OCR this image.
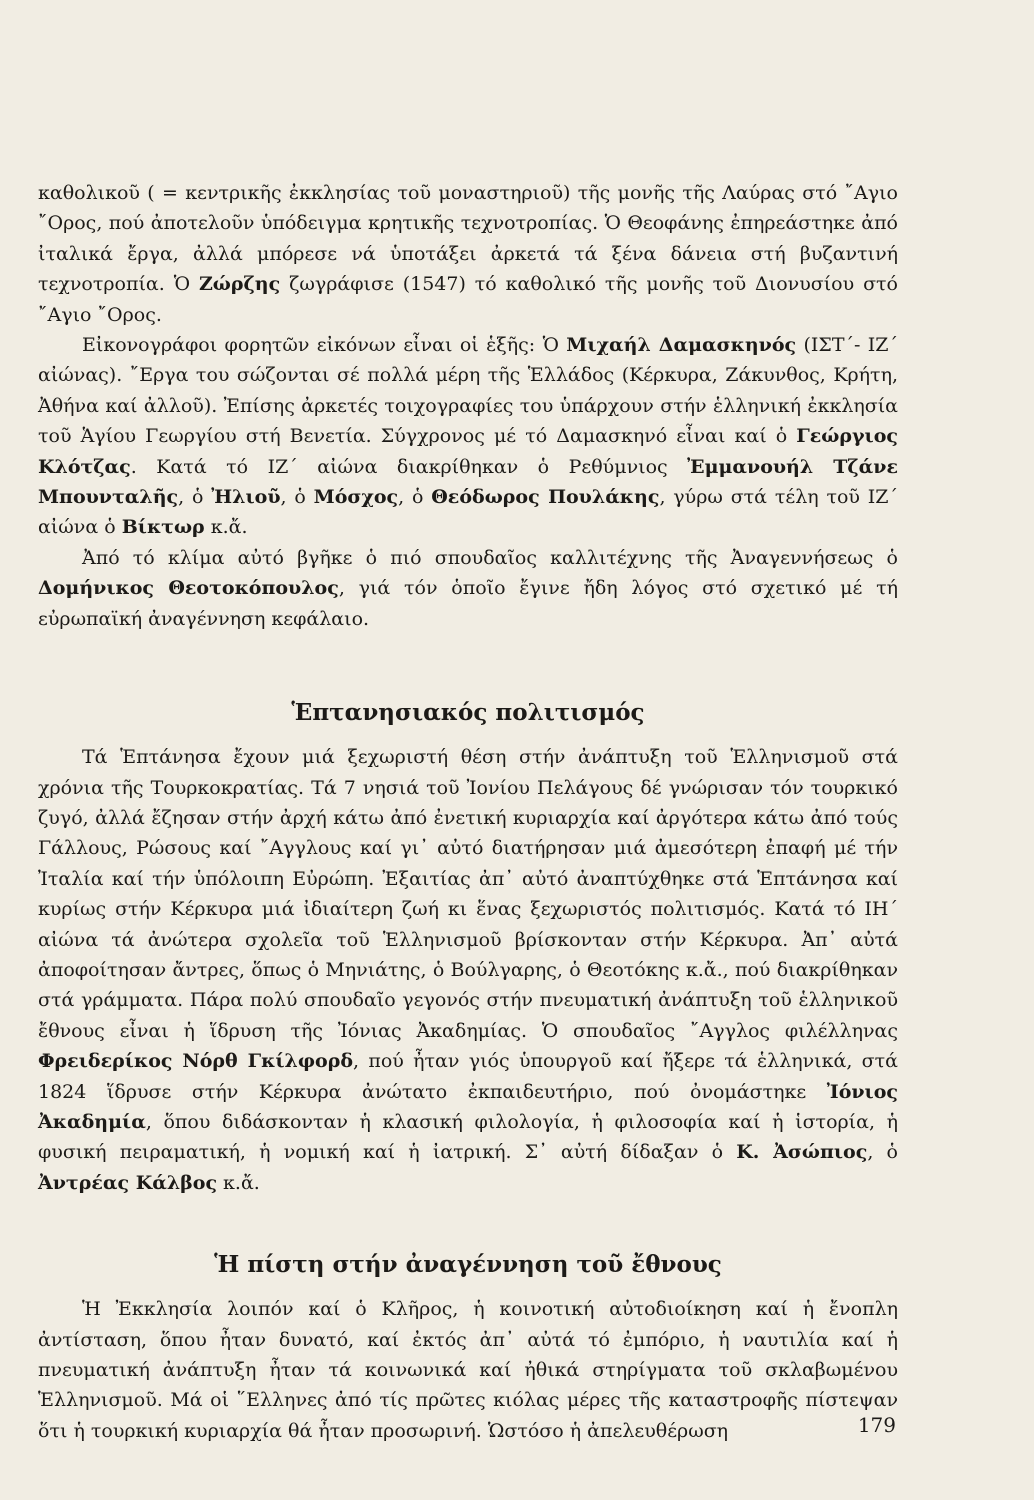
καθολικοῦ ( = κεντρικῆς ἐκκλησίας τοῦ μοναστηριοῦ) τῆς μονῆς τῆς Λαύρας στό ῎Αγιο ῎Ορος, πού ἀποτελοῦν ὑπόδειγμα κρητικῆς τεχνοτροπίας. Ὁ Θεοφάνης ἐπηρεάστηκε ἀπό ἰταλικά ἔργα, ἀλλά μπόρεσε νά ὑποτάξει ἀρκετά τά ξένα δάνεια στή βυζαντινή τεχνοτροπία. Ὁ Ζώρζης ζωγράφισε (1547) τό καθολικό τῆς μονῆς τοῦ Διονυσίου στό ῎Αγιο ῎Ορος.

Εἰκονογράφοι φορητῶν εἰκόνων εἶναι οἱ ἑξῆς: Ὁ Μιχαήλ Δαμασκηνός (ΙΣΤ΄- ΙΖ΄ αἰώνας). ῎Εργα του σώζονται σέ πολλά μέρη τῆς Ἑλλάδος (Κέρκυρα, Ζάκυνθος, Κρήτη, Ἀθήνα καί ἀλλοῦ). Ἐπίσης ἀρκετές τοιχογραφίες του ὑπάρχουν στήν ἑλληνική ἐκκλησία τοῦ Ἁγίου Γεωργίου στή Βενετία. Σύγχρονος μέ τό Δαμασκηνό εἶναι καί ὁ Γεώργιος Κλότζας. Κατά τό ΙΖ΄ αἰώνα διακρίθηκαν ὁ Ρεθύμνιος Ἐμμανουήλ Τζάνε Μπουνταλῆς, ὁ Ἠλιοῦ, ὁ Μόσχος, ὁ Θεόδωρος Πουλάκης, γύρω στά τέλη τοῦ ΙΖ΄ αἰώνα ὁ Βίκτωρ κ.ἄ.

Ἀπό τό κλίμα αὐτό βγῆκε ὁ πιό σπουδαῖος καλλιτέχνης τῆς Ἀναγεννήσεως ὁ Δομήνικος Θεοτοκόπουλος, γιά τόν ὁποῖο ἔγινε ἤδη λόγος στό σχετικό μέ τή εὐρωπαϊκή ἀναγέννηση κεφάλαιο.

Ἑπτανησιακός πολιτισμός

Τά Ἑπτάνησα ἔχουν μιά ξεχωριστή θέση στήν ἀνάπτυξη τοῦ Ἑλληνισμοῦ στά χρόνια τῆς Τουρκοκρατίας. Τά 7 νησιά τοῦ Ἰονίου Πελάγους δέ γνώρισαν τόν τουρκικό ζυγό, ἀλλά ἔζησαν στήν ἀρχή κάτω ἀπό ἐνετική κυριαρχία καί ἀργότερα κάτω ἀπό τούς Γάλλους, Ρώσους καί ῎Αγγλους καί γι᾽ αὐτό διατήρησαν μιά ἀμεσότερη ἐπαφή μέ τήν Ἰταλία καί τήν ὑπόλοιπη Εὐρώπη. Ἐξαιτίας ἀπ᾽ αὐτό ἀναπτύχθηκε στά Ἑπτάνησα καί κυρίως στήν Κέρκυρα μιά ἰδιαίτερη ζωή κι ἕνας ξεχωριστός πολιτισμός. Κατά τό ΙΗ΄ αἰώνα τά ἀνώτερα σχολεῖα τοῦ Ἑλληνισμοῦ βρίσκονταν στήν Κέρκυρα. Ἀπ᾽ αὐτά ἀποφοίτησαν ἄντρες, ὅπως ὁ Μηνιάτης, ὁ Βούλγαρης, ὁ Θεοτόκης κ.ἄ., πού διακρίθηκαν στά γράμματα. Πάρα πολύ σπουδαῖο γεγονός στήν πνευματική ἀνάπτυξη τοῦ ἑλληνικοῦ ἔθνους εἶναι ἡ ἵδρυση τῆς Ἰόνιας Ἀκαδημίας. Ὁ σπουδαῖος ῎Αγγλος φιλέλληνας Φρειδερίκος Νόρθ Γκίλφορδ, πού ἦταν γιός ὑπουργοῦ καί ἤξερε τά ἑλληνικά, στά 1824 ἵδρυσε στήν Κέρκυρα ἀνώτατο ἐκπαιδευτήριο, πού ὀνομάστηκε Ἰόνιος Ἀκαδημία, ὅπου διδάσκονταν ἡ κλασική φιλολογία, ἡ φιλοσοφία καί ἡ ἱστορία, ἡ φυσική πειραματική, ἡ νομική καί ἡ ἰατρική. Σ᾽ αὐτή δίδαξαν ὁ Κ. Ἀσώπιος, ὁ Ἀντρέας Κάλβος κ.ἄ.

Ἡ πίστη στήν ἀναγέννηση τοῦ ἔθνους

Ἡ Ἐκκλησία λοιπόν καί ὁ Κλῆρος, ἡ κοινοτική αὐτοδιοίκηση καί ἡ ἔνοπλη ἀντίσταση, ὅπου ἦταν δυνατό, καί ἐκτός ἀπ᾽ αὐτά τό ἐμπόριο, ἡ ναυτιλία καί ἡ πνευματική ἀνάπτυξη ἦταν τά κοινωνικά καί ἠθικά στηρίγματα τοῦ σκλαβωμένου Ἑλληνισμοῦ. Μά οἱ ῞Ελληνες ἀπό τίς πρῶτες κιόλας μέρες τῆς καταστροφῆς πίστεψαν ὅτι ἡ τουρκική κυριαρχία θά ἦταν προσωρινή. Ὡστόσο ἡ ἀπελευθέρωση	179
